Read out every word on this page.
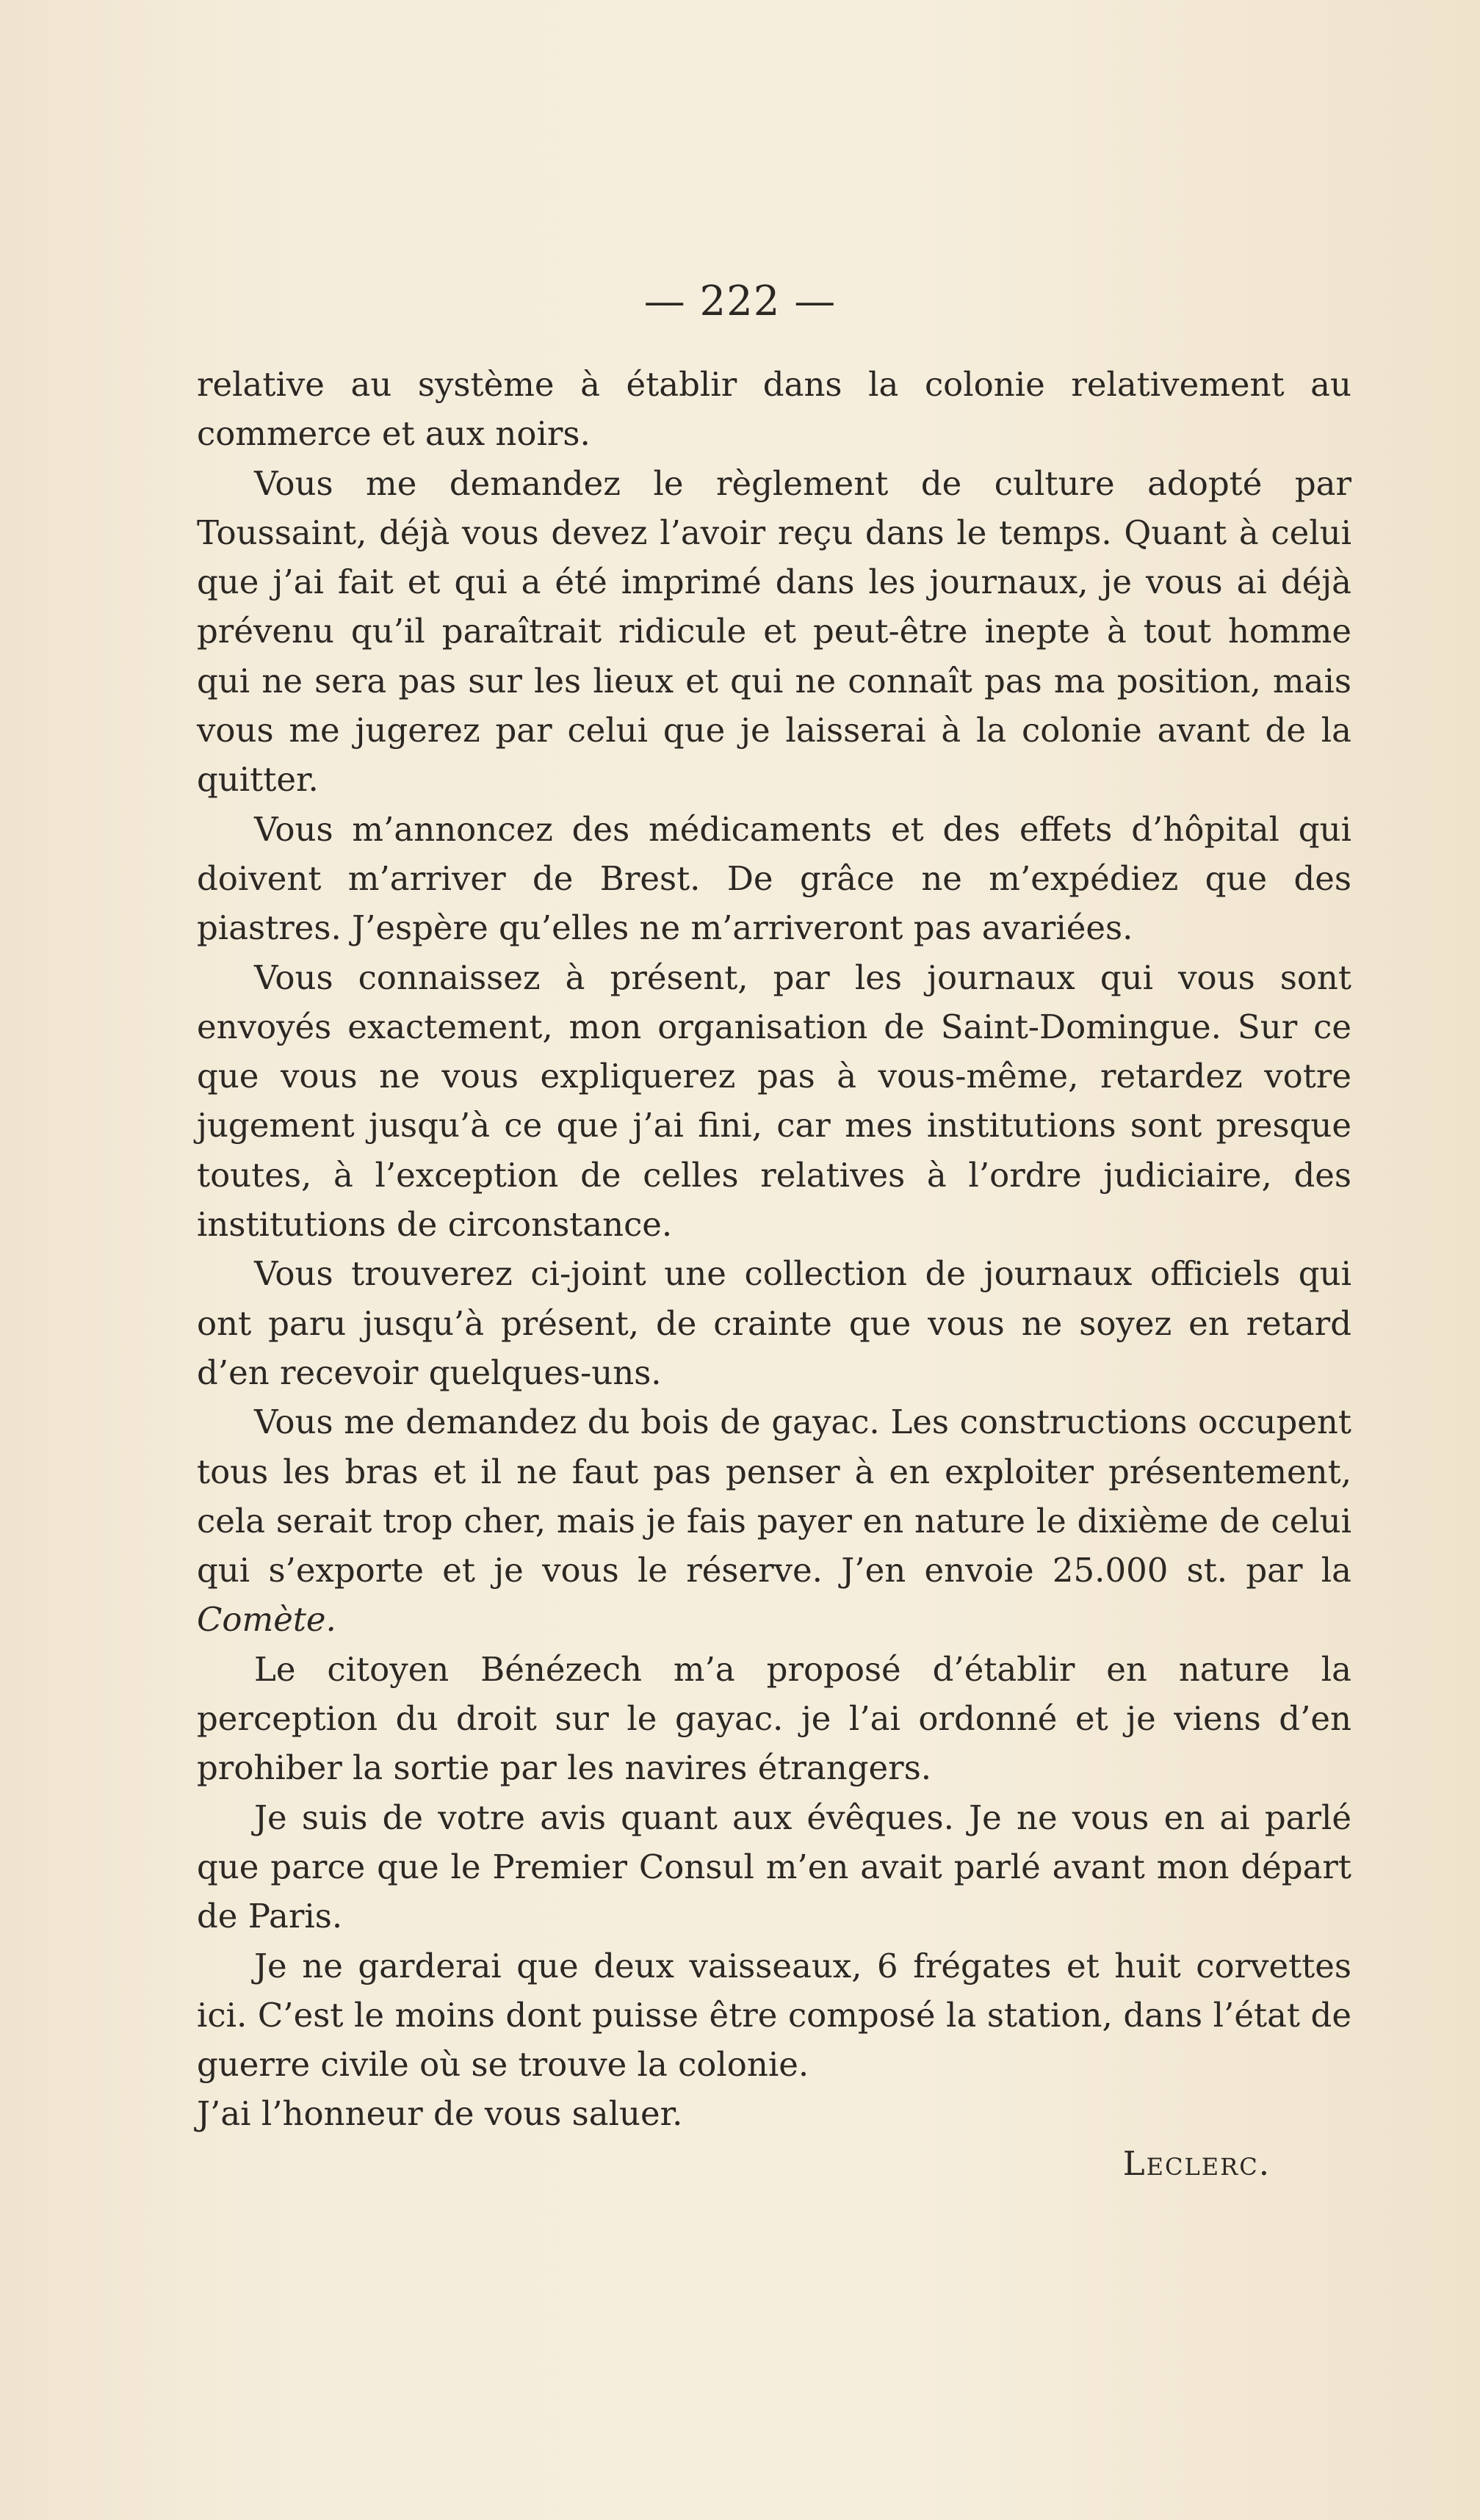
— 222 —

relative au système à établir dans la colonie relativement au commerce et aux noirs.

Vous me demandez le règlement de culture adopté par Toussaint, déjà vous devez l’avoir reçu dans le temps. Quant à celui que j’ai fait et qui a été imprimé dans les journaux, je vous ai déjà prévenu qu’il paraîtrait ridicule et peut-être inepte à tout homme qui ne sera pas sur les lieux et qui ne connaît pas ma position, mais vous me jugerez par celui que je laisserai à la colonie avant de la quitter.

Vous m’annoncez des médicaments et des effets d’hôpital qui doivent m’arriver de Brest. De grâce ne m’expédiez que des piastres. J’espère qu’elles ne m’arriveront pas avariées.

Vous connaissez à présent, par les journaux qui vous sont envoyés exactement, mon organisation de Saint-Domingue. Sur ce que vous ne vous expliquerez pas à vous-même, retardez votre jugement jusqu’à ce que j’ai fini, car mes institutions sont presque toutes, à l’exception de celles relatives à l’ordre judiciaire, des institutions de circonstance.

Vous trouverez ci-joint une collection de journaux officiels qui ont paru jusqu’à présent, de crainte que vous ne soyez en retard d’en recevoir quelques-uns.

Vous me demandez du bois de gayac. Les constructions occupent tous les bras et il ne faut pas penser à en exploiter présentement, cela serait trop cher, mais je fais payer en nature le dixième de celui qui s’exporte et je vous le réserve. J’en envoie 25.000 st. par la Comète.

Le citoyen Bénézech m’a proposé d’établir en nature la perception du droit sur le gayac. je l’ai ordonné et je viens d’en prohiber la sortie par les navires étrangers.

Je suis de votre avis quant aux évêques. Je ne vous en ai parlé que parce que le Premier Consul m’en avait parlé avant mon départ de Paris.

Je ne garderai que deux vaisseaux, 6 frégates et huit corvettes ici. C’est le moins dont puisse être composé la station, dans l’état de guerre civile où se trouve la colonie.

J’ai l’honneur de vous saluer.

Leclerc.
